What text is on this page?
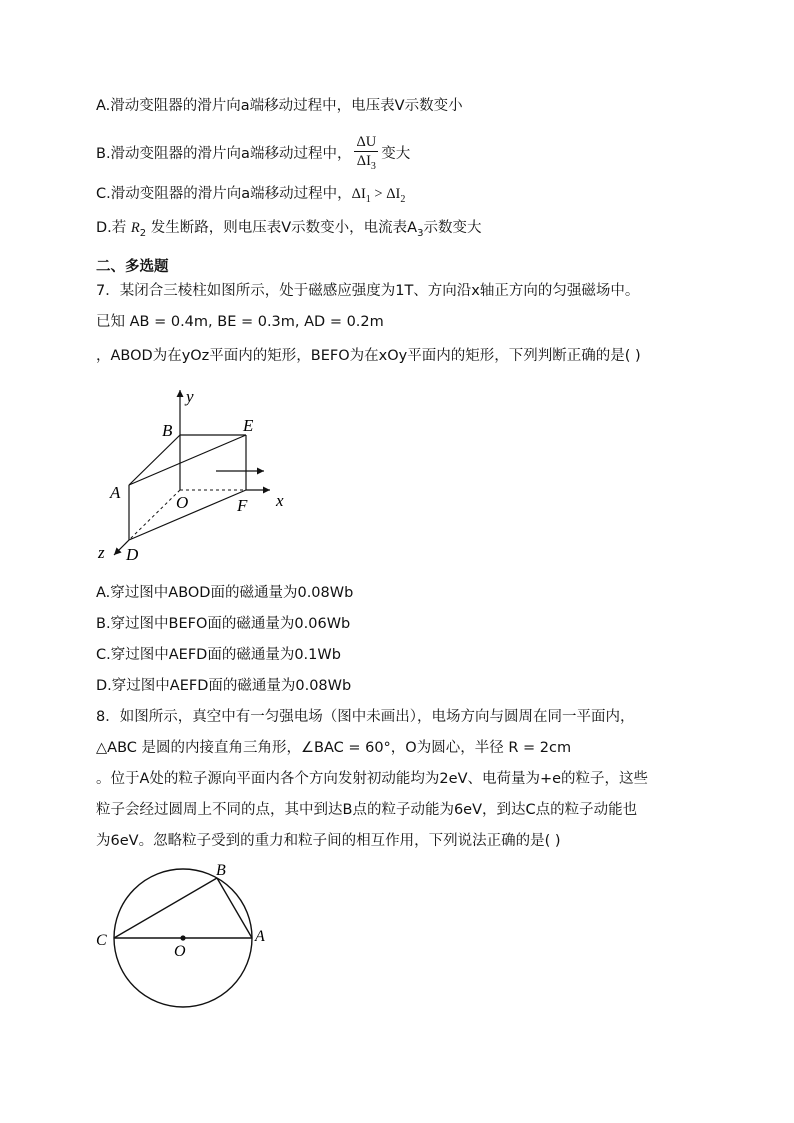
A.滑动变阻器的滑片向a端移动过程中，电压表V示数变小
B.滑动变阻器的滑片向a端移动过程中， $\frac{\Delta U}{\Delta I_3}$ 变大
C.滑动变阻器的滑片向a端移动过程中，$\Delta I_1 > \Delta I_2$
D.若 $R_2$ 发生断路，则电压表V示数变小，电流表$A_3$示数变大
二、多选题
7．某闭合三棱柱如图所示，处于磁感应强度为1T、方向沿x轴正方向的匀强磁场中。
已知 AB = 0.4m, BE = 0.3m, AD = 0.2m
，ABOD为在yOz平面内的矩形，BEFO为在xOy平面内的矩形，下列判断正确的是( )
y
x
z
A
B	E
O	F
D
A.穿过图中ABOD面的磁通量为0.08Wb
B.穿过图中BEFO面的磁通量为0.06Wb
C.穿过图中AEFD面的磁通量为0.1Wb
D.穿过图中AEFD面的磁通量为0.08Wb
8．如图所示，真空中有一匀强电场（图中未画出），电场方向与圆周在同一平面内，
△ABC 是圆的内接直角三角形，∠BAC = 60°，O为圆心，半径 R = 2cm
。位于A处的粒子源向平面内各个方向发射初动能均为2eV、电荷量为+e的粒子，这些
粒子会经过圆周上不同的点，其中到达B点的粒子动能为6eV，到达C点的粒子动能也
为6eV。忽略粒子受到的重力和粒子间的相互作用，下列说法正确的是( )
C	A
B
O
